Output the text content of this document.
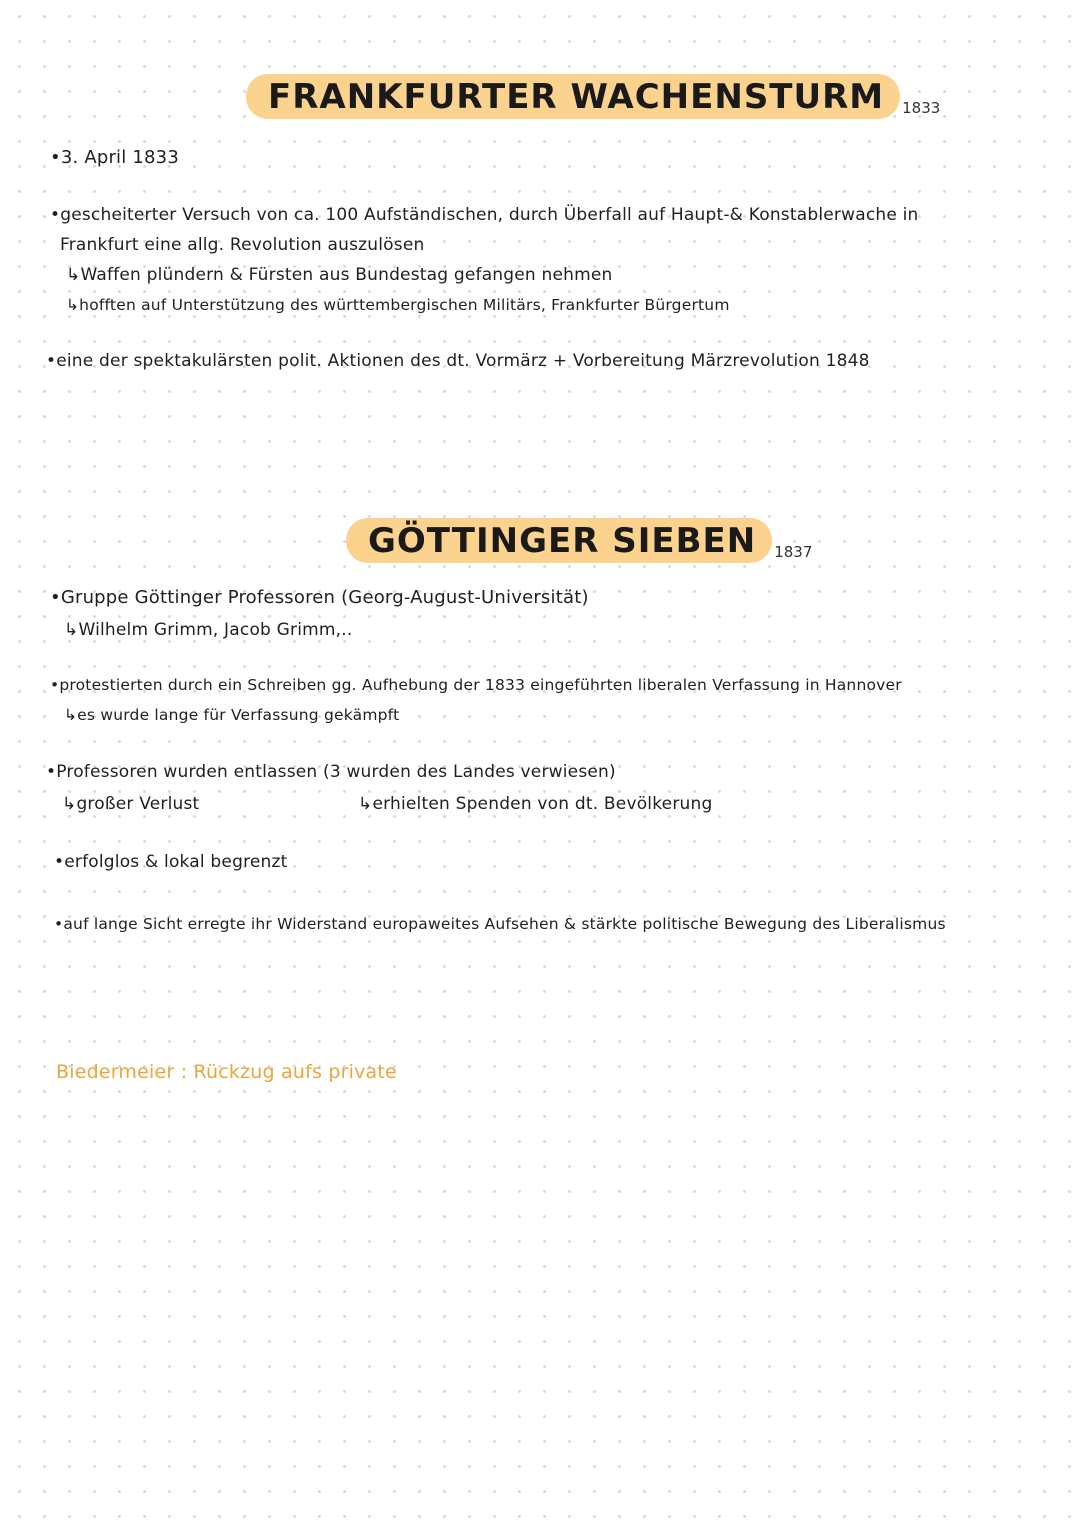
FRANKFURTER WACHENSTURM	1833
•3. April 1833
•gescheiterter Versuch von ca. 100 Aufständischen, durch Überfall auf Haupt-& Konstablerwache in
Frankfurt eine allg. Revolution auszulösen
↳Waffen plündern & Fürsten aus Bundestag gefangen nehmen
↳hofften auf Unterstützung des württembergischen Militärs, Frankfurter Bürgertum
•eine der spektakulärsten polit. Aktionen des dt. Vormärz + Vorbereitung Märzrevolution 1848
GÖTTINGER SIEBEN	1837
•Gruppe Göttinger Professoren (Georg-August-Universität)
↳Wilhelm Grimm, Jacob Grimm,..
•protestierten durch ein Schreiben gg. Aufhebung der 1833 eingeführten liberalen Verfassung in Hannover
↳es wurde lange für Verfassung gekämpft
•Professoren wurden entlassen (3 wurden des Landes verwiesen)
↳großer Verlust	↳erhielten Spenden von dt. Bevölkerung
•erfolglos & lokal begrenzt
•auf lange Sicht erregte ihr Widerstand europaweites Aufsehen & stärkte politische Bewegung des Liberalismus
Biedermeier : Rückzug aufs private
